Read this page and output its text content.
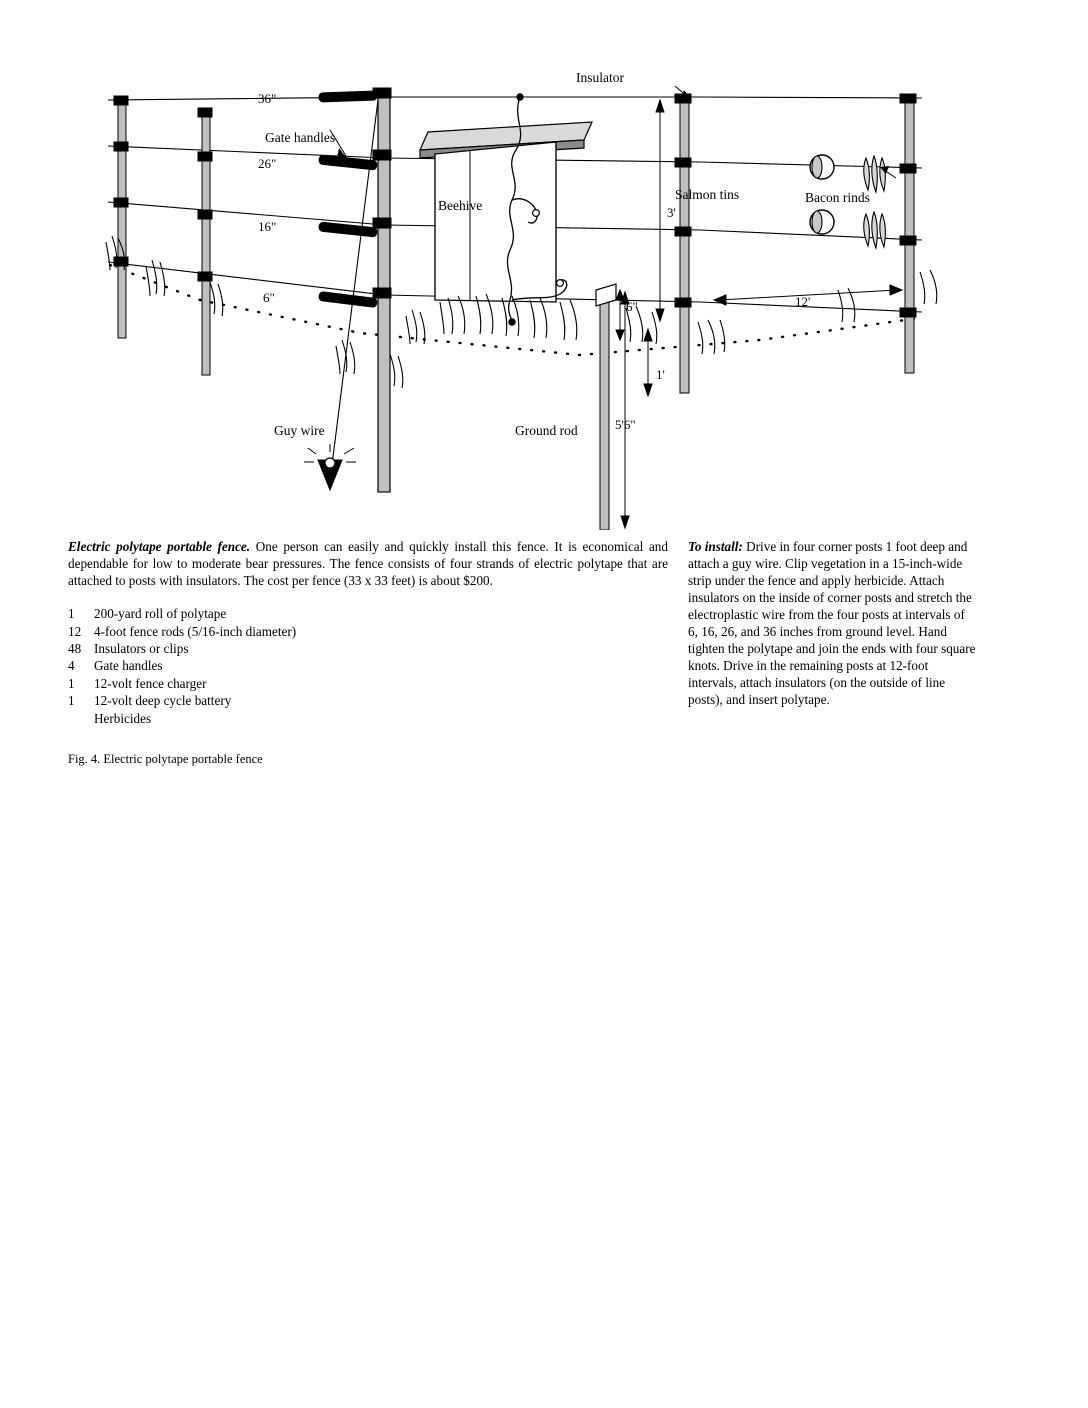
Insulator
Gate handles
Beehive
Salmon tins	Bacon rinds
Guy wire	Ground rod
36"
26"
16"
6"
3'
12'
6"
1'
5'6"

Electric polytape portable fence. One person can easily and quickly install this fence. It is economical and dependable for low to moderate bear pressures. The fence consists of four strands of electric polytape that are attached to posts with insulators. The cost per fence (33 x 33 feet) is about $200.

1 200-yard roll of polytape
12 4-foot fence rods (5/16-inch diameter)
48 Insulators or clips
4 Gate handles
1 12-volt fence charger
1 12-volt deep cycle battery
Herbicides

To install: Drive in four corner posts 1 foot deep and attach a guy wire. Clip vegetation in a 15-inch-wide strip under the fence and apply herbicide. Attach insulators on the inside of corner posts and stretch the electroplastic wire from the four posts at intervals of 6, 16, 26, and 36 inches from ground level. Hand tighten the polytape and join the ends with four square knots. Drive in the remaining posts at 12-foot intervals, attach insulators (on the outside of line posts), and insert polytape.

Fig. 4. Electric polytape portable fence
